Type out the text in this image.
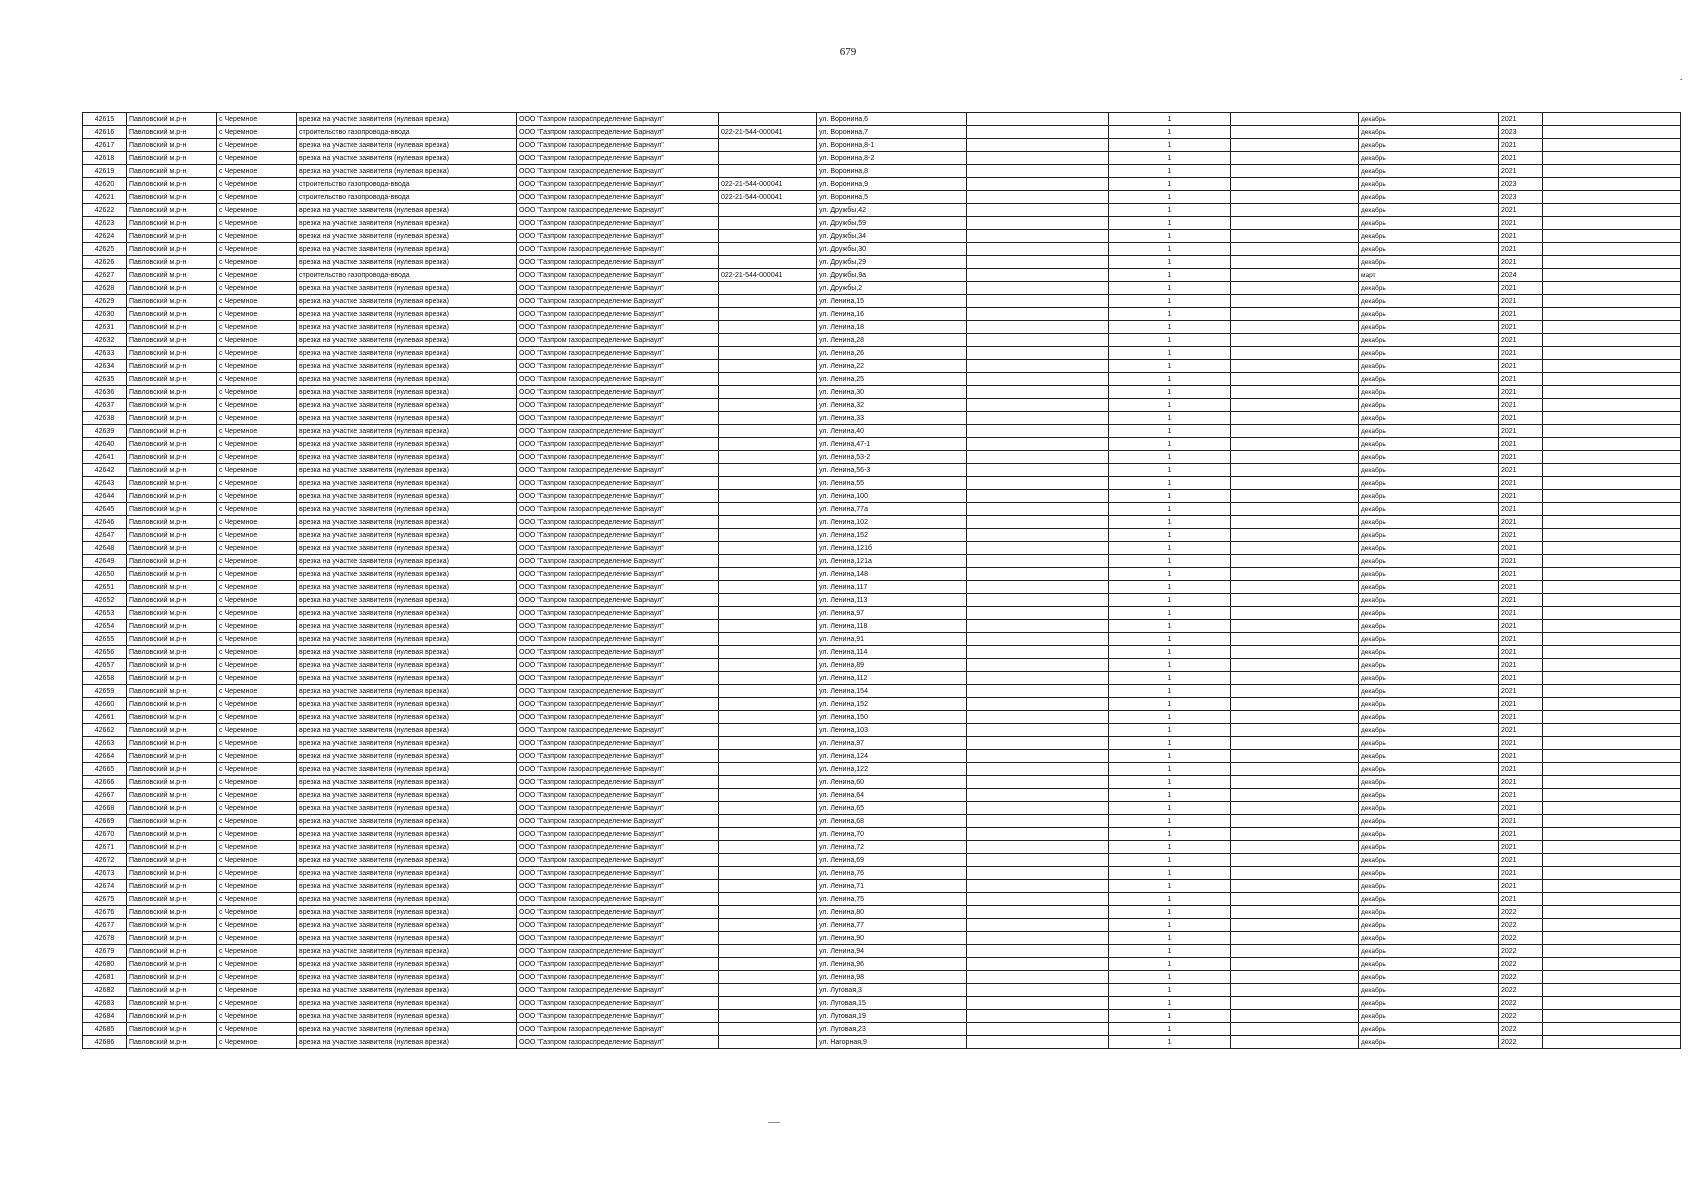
679
.
42615	Павловский м.р-н	с Черемное	врезка на участке заявителя (нулевая врезка)	ООО "Газпром газораспределение Барнаул"		ул. Воронина,6		1		декабрь	2021	
42616	Павловский м.р-н	с Черемное	строительство газопровода-ввода	ООО "Газпром газораспределение Барнаул"	022-21-544-000041	ул. Воронина,7		1		декабрь	2023	
42617	Павловский м.р-н	с Черемное	врезка на участке заявителя (нулевая врезка)	ООО "Газпром газораспределение Барнаул"		ул. Воронина,8-1		1		декабрь	2021	
42618	Павловский м.р-н	с Черемное	врезка на участке заявителя (нулевая врезка)	ООО "Газпром газораспределение Барнаул"		ул. Воронина,8-2		1		декабрь	2021	
42619	Павловский м.р-н	с Черемное	врезка на участке заявителя (нулевая врезка)	ООО "Газпром газораспределение Барнаул"		ул. Воронина,8		1		декабрь	2021	
42620	Павловский м.р-н	с Черемное	строительство газопровода-ввода	ООО "Газпром газораспределение Барнаул"	022-21-544-000041	ул. Воронина,9		1		декабрь	2023	
42621	Павловский м.р-н	с Черемное	строительство газопровода-ввода	ООО "Газпром газораспределение Барнаул"	022-21-544-000041	ул. Воронина,5		1		декабрь	2023	
42622	Павловский м.р-н	с Черемное	врезка на участке заявителя (нулевая врезка)	ООО "Газпром газораспределение Барнаул"		ул. Дружбы,42		1		декабрь	2021	
42623	Павловский м.р-н	с Черемное	врезка на участке заявителя (нулевая врезка)	ООО "Газпром газораспределение Барнаул"		ул. Дружбы,59		1		декабрь	2021	
42624	Павловский м.р-н	с Черемное	врезка на участке заявителя (нулевая врезка)	ООО "Газпром газораспределение Барнаул"		ул. Дружбы,34		1		декабрь	2021	
42625	Павловский м.р-н	с Черемное	врезка на участке заявителя (нулевая врезка)	ООО "Газпром газораспределение Барнаул"		ул. Дружбы,30		1		декабрь	2021	
42626	Павловский м.р-н	с Черемное	врезка на участке заявителя (нулевая врезка)	ООО "Газпром газораспределение Барнаул"		ул. Дружбы,29		1		декабрь	2021	
42627	Павловский м.р-н	с Черемное	строительство газопровода-ввода	ООО "Газпром газораспределение Барнаул"	022-21-544-000041	ул. Дружбы,9а		1		март	2024	
42628	Павловский м.р-н	с Черемное	врезка на участке заявителя (нулевая врезка)	ООО "Газпром газораспределение Барнаул"		ул. Дружбы,2		1		декабрь	2021	
42629	Павловский м.р-н	с Черемное	врезка на участке заявителя (нулевая врезка)	ООО "Газпром газораспределение Барнаул"		ул. Ленина,15		1		декабрь	2021	
42630	Павловский м.р-н	с Черемное	врезка на участке заявителя (нулевая врезка)	ООО "Газпром газораспределение Барнаул"		ул. Ленина,16		1		декабрь	2021	
42631	Павловский м.р-н	с Черемное	врезка на участке заявителя (нулевая врезка)	ООО "Газпром газораспределение Барнаул"		ул. Ленина,18		1		декабрь	2021	
42632	Павловский м.р-н	с Черемное	врезка на участке заявителя (нулевая врезка)	ООО "Газпром газораспределение Барнаул"		ул. Ленина,28		1		декабрь	2021	
42633	Павловский м.р-н	с Черемное	врезка на участке заявителя (нулевая врезка)	ООО "Газпром газораспределение Барнаул"		ул. Ленина,26		1		декабрь	2021	
42634	Павловский м.р-н	с Черемное	врезка на участке заявителя (нулевая врезка)	ООО "Газпром газораспределение Барнаул"		ул. Ленина,22		1		декабрь	2021	
42635	Павловский м.р-н	с Черемное	врезка на участке заявителя (нулевая врезка)	ООО "Газпром газораспределение Барнаул"		ул. Ленина,25		1		декабрь	2021	
42636	Павловский м.р-н	с Черемное	врезка на участке заявителя (нулевая врезка)	ООО "Газпром газораспределение Барнаул"		ул. Ленина,30		1		декабрь	2021	
42637	Павловский м.р-н	с Черемное	врезка на участке заявителя (нулевая врезка)	ООО "Газпром газораспределение Барнаул"		ул. Ленина,32		1		декабрь	2021	
42638	Павловский м.р-н	с Черемное	врезка на участке заявителя (нулевая врезка)	ООО "Газпром газораспределение Барнаул"		ул. Ленина,33		1		декабрь	2021	
42639	Павловский м.р-н	с Черемное	врезка на участке заявителя (нулевая врезка)	ООО "Газпром газораспределение Барнаул"		ул. Ленина,40		1		декабрь	2021	
42640	Павловский м.р-н	с Черемное	врезка на участке заявителя (нулевая врезка)	ООО "Газпром газораспределение Барнаул"		ул. Ленина,47-1		1		декабрь	2021	
42641	Павловский м.р-н	с Черемное	врезка на участке заявителя (нулевая врезка)	ООО "Газпром газораспределение Барнаул"		ул. Ленина,53-2		1		декабрь	2021	
42642	Павловский м.р-н	с Черемное	врезка на участке заявителя (нулевая врезка)	ООО "Газпром газораспределение Барнаул"		ул. Ленина,56-3		1		декабрь	2021	
42643	Павловский м.р-н	с Черемное	врезка на участке заявителя (нулевая врезка)	ООО "Газпром газораспределение Барнаул"		ул. Ленина,55		1		декабрь	2021	
42644	Павловский м.р-н	с Черемное	врезка на участке заявителя (нулевая врезка)	ООО "Газпром газораспределение Барнаул"		ул. Ленина,100		1		декабрь	2021	
42645	Павловский м.р-н	с Черемное	врезка на участке заявителя (нулевая врезка)	ООО "Газпром газораспределение Барнаул"		ул. Ленина,77а		1		декабрь	2021	
42646	Павловский м.р-н	с Черемное	врезка на участке заявителя (нулевая врезка)	ООО "Газпром газораспределение Барнаул"		ул. Ленина,102		1		декабрь	2021	
42647	Павловский м.р-н	с Черемное	врезка на участке заявителя (нулевая врезка)	ООО "Газпром газораспределение Барнаул"		ул. Ленина,152		1		декабрь	2021	
42648	Павловский м.р-н	с Черемное	врезка на участке заявителя (нулевая врезка)	ООО "Газпром газораспределение Барнаул"		ул. Ленина,121б		1		декабрь	2021	
42649	Павловский м.р-н	с Черемное	врезка на участке заявителя (нулевая врезка)	ООО "Газпром газораспределение Барнаул"		ул. Ленина,121а		1		декабрь	2021	
42650	Павловский м.р-н	с Черемное	врезка на участке заявителя (нулевая врезка)	ООО "Газпром газораспределение Барнаул"		ул. Ленина,148		1		декабрь	2021	
42651	Павловский м.р-н	с Черемное	врезка на участке заявителя (нулевая врезка)	ООО "Газпром газораспределение Барнаул"		ул. Ленина,117		1		декабрь	2021	
42652	Павловский м.р-н	с Черемное	врезка на участке заявителя (нулевая врезка)	ООО "Газпром газораспределение Барнаул"		ул. Ленина,113		1		декабрь	2021	
42653	Павловский м.р-н	с Черемное	врезка на участке заявителя (нулевая врезка)	ООО "Газпром газораспределение Барнаул"		ул. Ленина,97		1		декабрь	2021	
42654	Павловский м.р-н	с Черемное	врезка на участке заявителя (нулевая врезка)	ООО "Газпром газораспределение Барнаул"		ул. Ленина,118		1		декабрь	2021	
42655	Павловский м.р-н	с Черемное	врезка на участке заявителя (нулевая врезка)	ООО "Газпром газораспределение Барнаул"		ул. Ленина,91		1		декабрь	2021	
42656	Павловский м.р-н	с Черемное	врезка на участке заявителя (нулевая врезка)	ООО "Газпром газораспределение Барнаул"		ул. Ленина,114		1		декабрь	2021	
42657	Павловский м.р-н	с Черемное	врезка на участке заявителя (нулевая врезка)	ООО "Газпром газораспределение Барнаул"		ул. Ленина,89		1		декабрь	2021	
42658	Павловский м.р-н	с Черемное	врезка на участке заявителя (нулевая врезка)	ООО "Газпром газораспределение Барнаул"		ул. Ленина,112		1		декабрь	2021	
42659	Павловский м.р-н	с Черемное	врезка на участке заявителя (нулевая врезка)	ООО "Газпром газораспределение Барнаул"		ул. Ленина,154		1		декабрь	2021	
42660	Павловский м.р-н	с Черемное	врезка на участке заявителя (нулевая врезка)	ООО "Газпром газораспределение Барнаул"		ул. Ленина,152		1		декабрь	2021	
42661	Павловский м.р-н	с Черемное	врезка на участке заявителя (нулевая врезка)	ООО "Газпром газораспределение Барнаул"		ул. Ленина,150		1		декабрь	2021	
42662	Павловский м.р-н	с Черемное	врезка на участке заявителя (нулевая врезка)	ООО "Газпром газораспределение Барнаул"		ул. Ленина,103		1		декабрь	2021	
42663	Павловский м.р-н	с Черемное	врезка на участке заявителя (нулевая врезка)	ООО "Газпром газораспределение Барнаул"		ул. Ленина,97		1		декабрь	2021	
42664	Павловский м.р-н	с Черемное	врезка на участке заявителя (нулевая врезка)	ООО "Газпром газораспределение Барнаул"		ул. Ленина,124		1		декабрь	2021	
42665	Павловский м.р-н	с Черемное	врезка на участке заявителя (нулевая врезка)	ООО "Газпром газораспределение Барнаул"		ул. Ленина,122		1		декабрь	2021	
42666	Павловский м.р-н	с Черемное	врезка на участке заявителя (нулевая врезка)	ООО "Газпром газораспределение Барнаул"		ул. Ленина,60		1		декабрь	2021	
42667	Павловский м.р-н	с Черемное	врезка на участке заявителя (нулевая врезка)	ООО "Газпром газораспределение Барнаул"		ул. Ленина,64		1		декабрь	2021	
42668	Павловский м.р-н	с Черемное	врезка на участке заявителя (нулевая врезка)	ООО "Газпром газораспределение Барнаул"		ул. Ленина,65		1		декабрь	2021	
42669	Павловский м.р-н	с Черемное	врезка на участке заявителя (нулевая врезка)	ООО "Газпром газораспределение Барнаул"		ул. Ленина,68		1		декабрь	2021	
42670	Павловский м.р-н	с Черемное	врезка на участке заявителя (нулевая врезка)	ООО "Газпром газораспределение Барнаул"		ул. Ленина,70		1		декабрь	2021	
42671	Павловский м.р-н	с Черемное	врезка на участке заявителя (нулевая врезка)	ООО "Газпром газораспределение Барнаул"		ул. Ленина,72		1		декабрь	2021	
42672	Павловский м.р-н	с Черемное	врезка на участке заявителя (нулевая врезка)	ООО "Газпром газораспределение Барнаул"		ул. Ленина,69		1		декабрь	2021	
42673	Павловский м.р-н	с Черемное	врезка на участке заявителя (нулевая врезка)	ООО "Газпром газораспределение Барнаул"		ул. Ленина,76		1		декабрь	2021	
42674	Павловский м.р-н	с Черемное	врезка на участке заявителя (нулевая врезка)	ООО "Газпром газораспределение Барнаул"		ул. Ленина,71		1		декабрь	2021	
42675	Павловский м.р-н	с Черемное	врезка на участке заявителя (нулевая врезка)	ООО "Газпром газораспределение Барнаул"		ул. Ленина,75		1		декабрь	2021	
42676	Павловский м.р-н	с Черемное	врезка на участке заявителя (нулевая врезка)	ООО "Газпром газораспределение Барнаул"		ул. Ленина,80		1		декабрь	2022	
42677	Павловский м.р-н	с Черемное	врезка на участке заявителя (нулевая врезка)	ООО "Газпром газораспределение Барнаул"		ул. Ленина,77		1		декабрь	2022	
42678	Павловский м.р-н	с Черемное	врезка на участке заявителя (нулевая врезка)	ООО "Газпром газораспределение Барнаул"		ул. Ленина,90		1		декабрь	2022	
42679	Павловский м.р-н	с Черемное	врезка на участке заявителя (нулевая врезка)	ООО "Газпром газораспределение Барнаул"		ул. Ленина,94		1		декабрь	2022	
42680	Павловский м.р-н	с Черемное	врезка на участке заявителя (нулевая врезка)	ООО "Газпром газораспределение Барнаул"		ул. Ленина,96		1		декабрь	2022	
42681	Павловский м.р-н	с Черемное	врезка на участке заявителя (нулевая врезка)	ООО "Газпром газораспределение Барнаул"		ул. Ленина,98		1		декабрь	2022	
42682	Павловский м.р-н	с Черемное	врезка на участке заявителя (нулевая врезка)	ООО "Газпром газораспределение Барнаул"		ул. Луговая,3		1		декабрь	2022	
42683	Павловский м.р-н	с Черемное	врезка на участке заявителя (нулевая врезка)	ООО "Газпром газораспределение Барнаул"		ул. Луговая,15		1		декабрь	2022	
42684	Павловский м.р-н	с Черемное	врезка на участке заявителя (нулевая врезка)	ООО "Газпром газораспределение Барнаул"		ул. Луговая,19		1		декабрь	2022	
42685	Павловский м.р-н	с Черемное	врезка на участке заявителя (нулевая врезка)	ООО "Газпром газораспределение Барнаул"		ул. Луговая,23		1		декабрь	2022	
42686	Павловский м.р-н	с Черемное	врезка на участке заявителя (нулевая врезка)	ООО "Газпром газораспределение Барнаул"		ул. Нагорная,9		1		декабрь	2022	
